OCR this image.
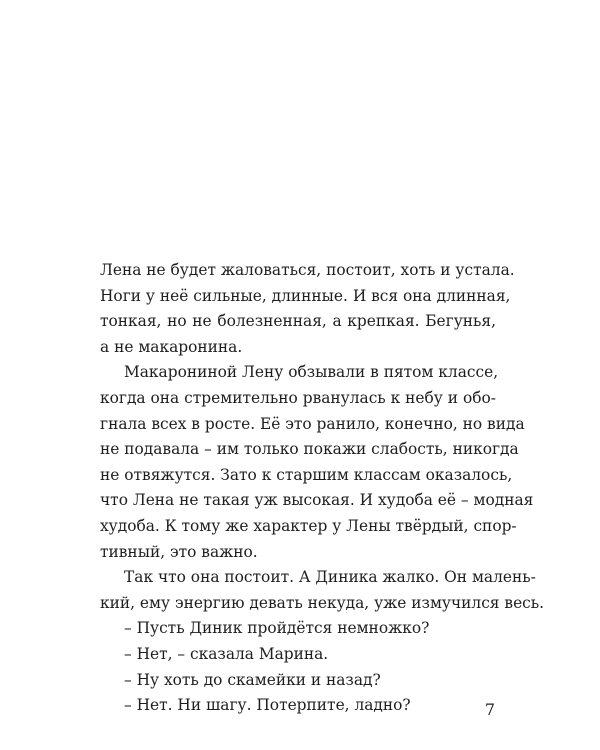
Лена не будет жаловаться, постоит, хоть и устала.
Ноги у неё сильные, длинные. И вся она длинная,
тонкая, но не болезненная, а крепкая. Бегунья,
а не макаронина.

Макарониной Лену обзывали в пятом классе,
когда она стремительно рванулась к небу и обо-
гнала всех в росте. Её это ранило, конечно, но вида
не подавала – им только покажи слабость, никогда
не отвяжутся. Зато к старшим классам оказалось,
что Лена не такая уж высокая. И худоба её – модная
худоба. К тому же характер у Лены твёрдый, спор-
тивный, это важно.

Так что она постоит. А Диника жалко. Он малень-
кий, ему энергию девать некуда, уже измучился весь.

– Пусть Диник пройдётся немножко?

– Нет, – сказала Марина.

– Ну хоть до скамейки и назад?

– Нет. Ни шагу. Потерпите, ладно?	7
